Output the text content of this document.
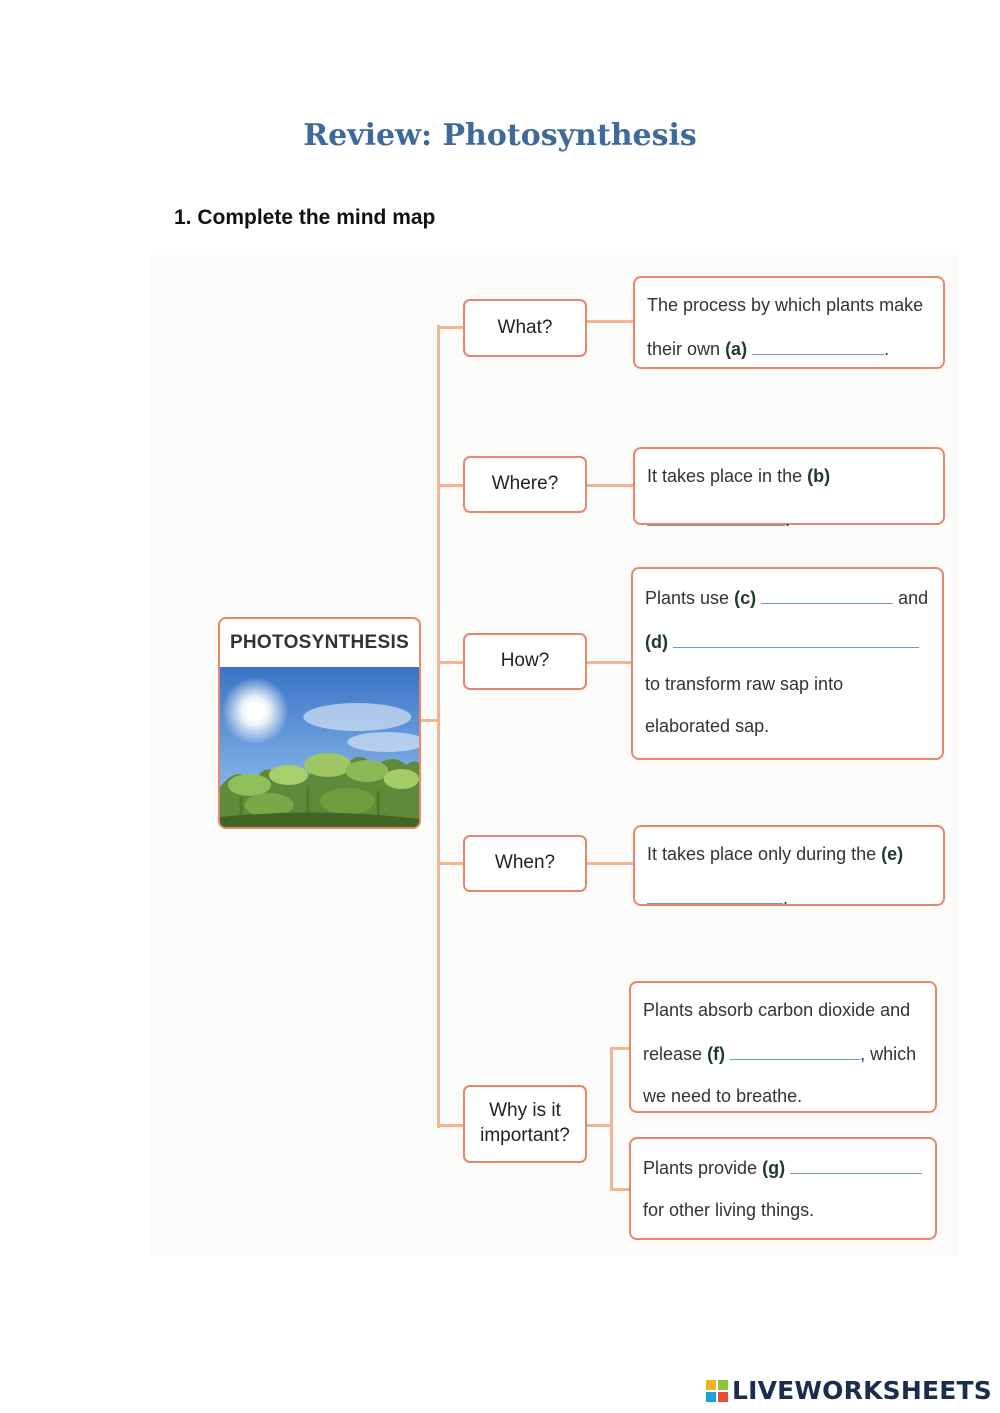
Review: Photosynthesis
1. Complete the mind map
PHOTOSYNTHESIS
What?
Where?
How?
When?
Why is it important?
The process by which plants make their own (a)	.
It takes place in the (b)
.
Plants use (c)	and
(d)
to transform raw sap into elaborated sap.
It takes place only during the (e) .
Plants absorb carbon dioxide and release (f)	, which we need to breathe.
Plants provide (g)
for other living things.
LIVEWORKSHEETS
